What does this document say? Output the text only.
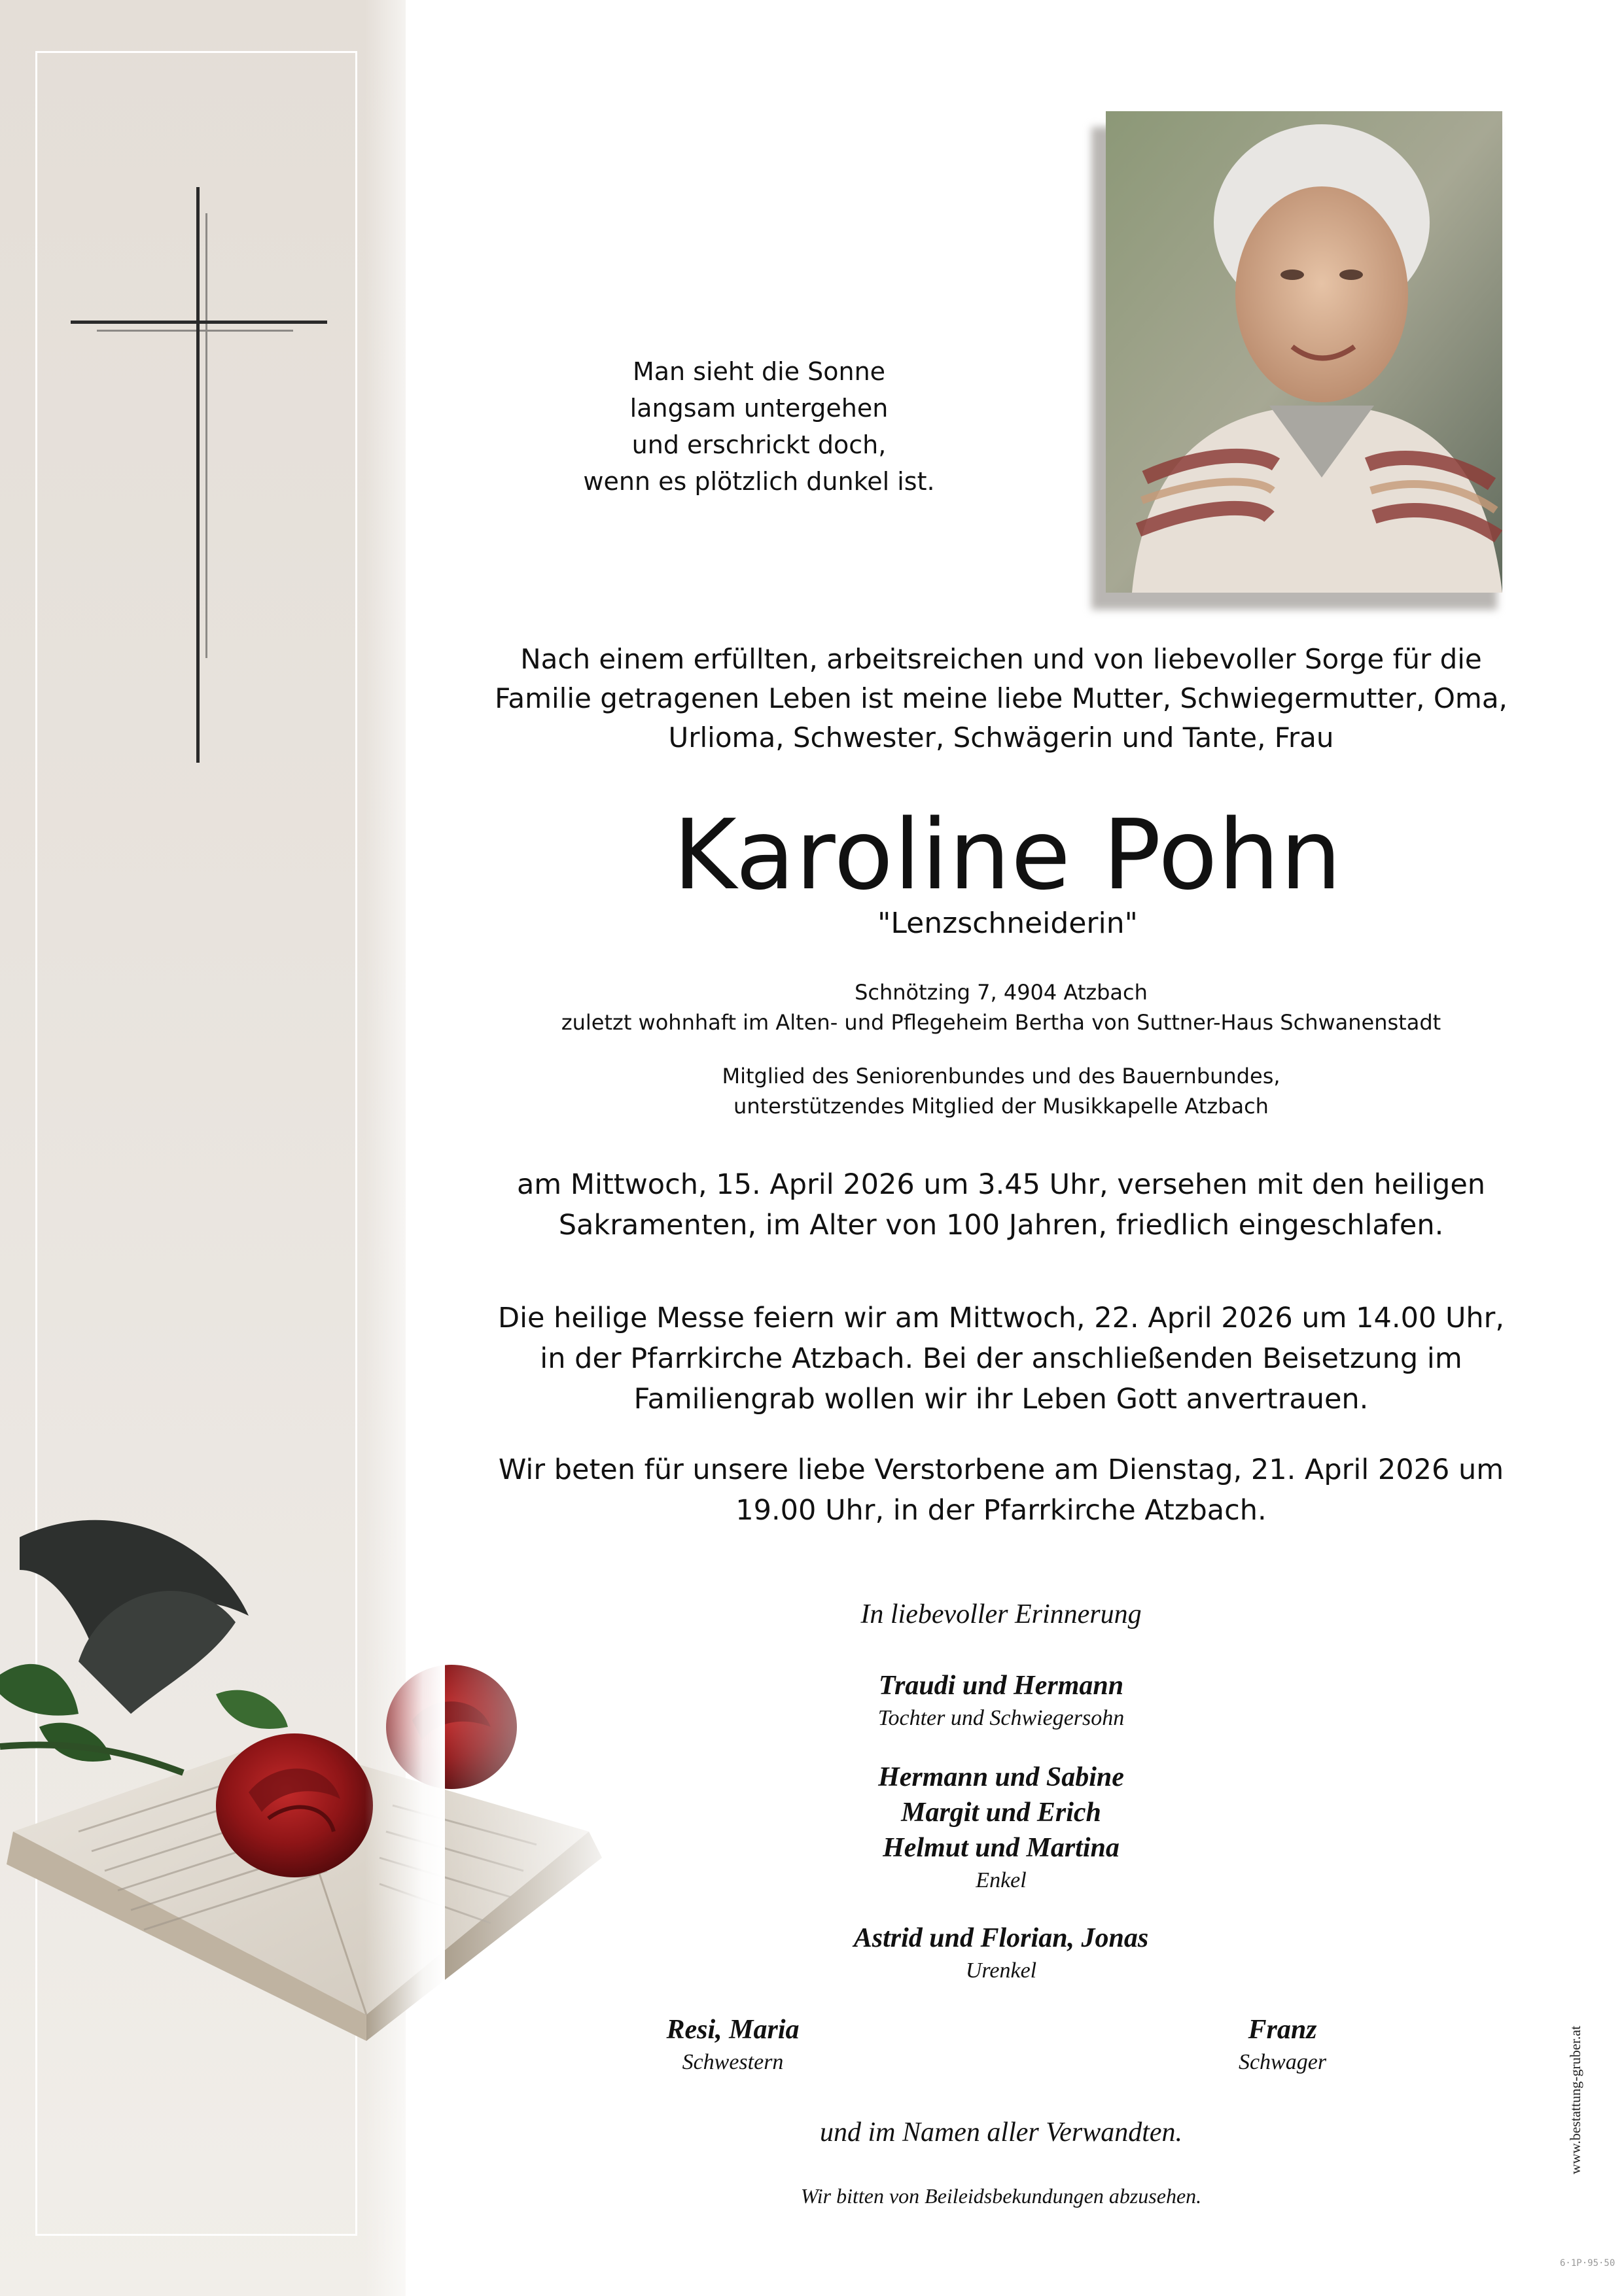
Man sieht die Sonne
langsam untergehen
und erschrickt doch,
wenn es plötzlich dunkel ist.
Nach einem erfüllten, arbeitsreichen und von liebevoller Sorge für die
Familie getragenen Leben ist meine liebe Mutter, Schwiegermutter, Oma,
Urlioma, Schwester, Schwägerin und Tante, Frau
Karoline Pohn
"Lenzschneiderin"
Schnötzing 7, 4904 Atzbach
zuletzt wohnhaft im Alten- und Pflegeheim Bertha von Suttner-Haus Schwanenstadt
Mitglied des Seniorenbundes und des Bauernbundes,
unterstützendes Mitglied der Musikkapelle Atzbach
am Mittwoch, 15. April 2026 um 3.45 Uhr, versehen mit den heiligen
Sakramenten, im Alter von 100 Jahren, friedlich eingeschlafen.
Die heilige Messe feiern wir am Mittwoch, 22. April 2026 um 14.00 Uhr,
in der Pfarrkirche Atzbach. Bei der anschließenden Beisetzung im
Familiengrab wollen wir ihr Leben Gott anvertrauen.
Wir beten für unsere liebe Verstorbene am Dienstag, 21. April 2026 um
19.00 Uhr, in der Pfarrkirche Atzbach.
In liebevoller Erinnerung
Traudi und Hermann
Tochter und Schwiegersohn
Hermann und Sabine
Margit und Erich
Helmut und Martina
Enkel
Astrid und Florian, Jonas
Urenkel
Resi, Maria
Schwestern
Franz
Schwager
und im Namen aller Verwandten.
Wir bitten von Beileidsbekundungen abzusehen.
www.bestattung-gruber.at
6·1P·95·50
